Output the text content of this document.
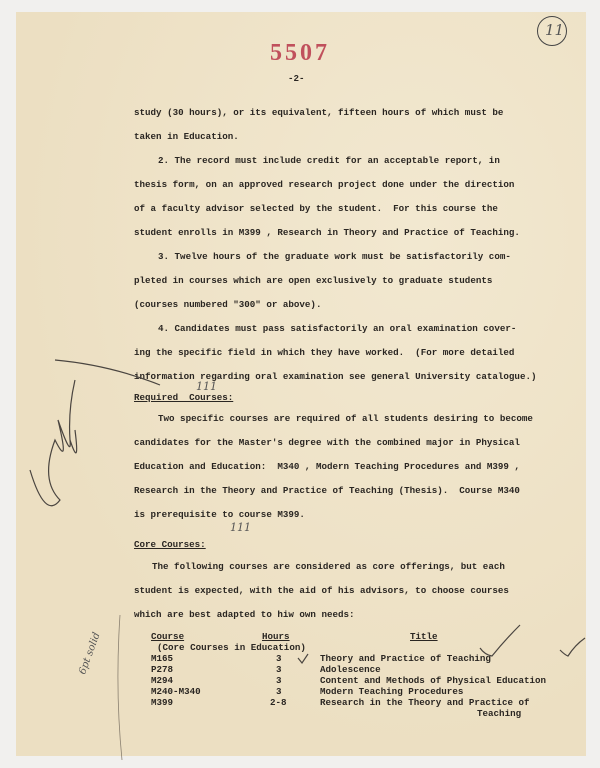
5507
-2-
11
study (30 hours), or its equivalent, fifteen hours of which must be
taken in Education.
2. The record must include credit for an acceptable report, in
thesis form, on an approved research project done under the direction
of a faculty advisor selected by the student.  For this course the
student enrolls in M399 , Research in Theory and Practice of Teaching.
3. Twelve hours of the graduate work must be satisfactorily com-
pleted in courses which are open exclusively to graduate students
(courses numbered "300" or above).
4. Candidates must pass satisfactorily an oral examination cover-
ing the specific field in which they have worked.  (For more detailed
information regarding oral examination see general University catalogue.)
111
Required  Courses:
Two specific courses are required of all students desiring to become
candidates for the Master's degree with the combined major in Physical
Education and Education:  M340 , Modern Teaching Procedures and M399 ,
Research in the Theory and Practice of Teaching (Thesis).  Course M340
is prerequisite to course M399.
111
Core Courses:
The following courses are considered as core offerings, but each
student is expected, with the aid of his advisors, to choose courses
which are best adapted to hiw own needs:
Course	Hours	Title
(Core Courses in Education)
M165	3	Theory and Practice of Teaching
P278	3	Adolescence
M294	3	Content and Methods of Physical Education
M240-M340	3	Modern Teaching Procedures
M399	2-8	Research in the Theory and Practice of
Teaching
6pt solid
